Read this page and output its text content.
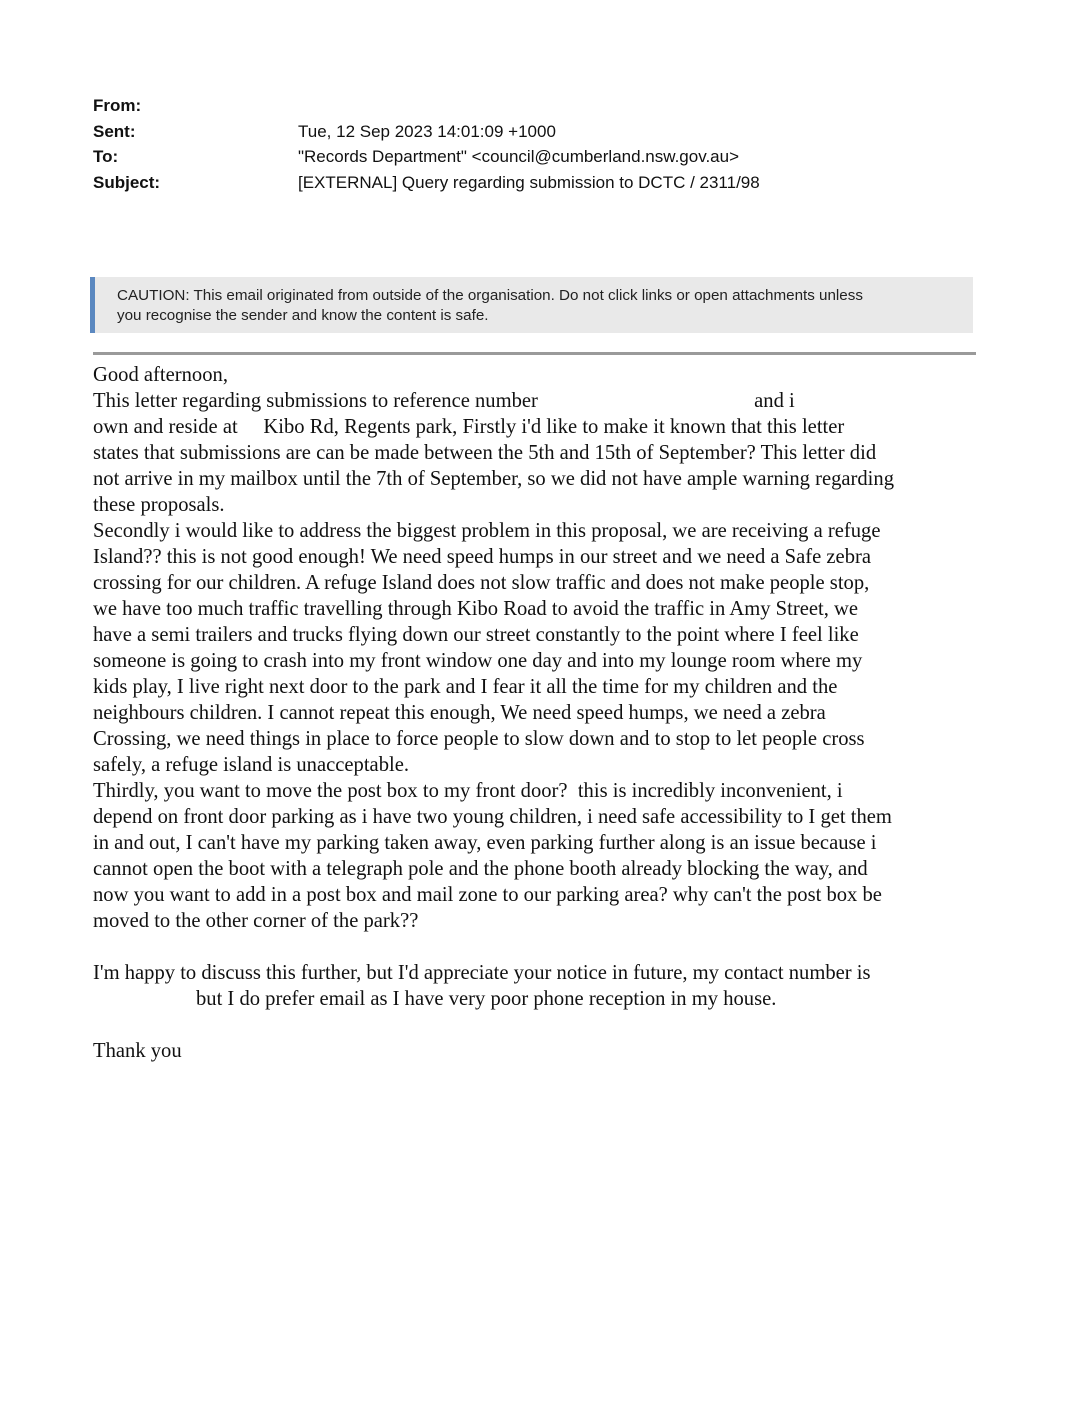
From:
Sent:	Tue, 12 Sep 2023 14:01:09 +1000
To:	"Records Department" <council@cumberland.nsw.gov.au>
Subject:	[EXTERNAL] Query regarding submission to DCTC / 2311/98
CAUTION: This email originated from outside of the organisation. Do not click links or open attachments unless
you recognise the sender and know the content is safe.
Good afternoon,
This letter regarding submissions to reference number                                          and i
own and reside at     Kibo Rd, Regents park, Firstly i'd like to make it known that this letter
states that submissions are can be made between the 5th and 15th of September? This letter did
not arrive in my mailbox until the 7th of September, so we did not have ample warning regarding
these proposals.
Secondly i would like to address the biggest problem in this proposal, we are receiving a refuge
Island?? this is not good enough! We need speed humps in our street and we need a Safe zebra
crossing for our children. A refuge Island does not slow traffic and does not make people stop,
we have too much traffic travelling through Kibo Road to avoid the traffic in Amy Street, we
have a semi trailers and trucks flying down our street constantly to the point where I feel like
someone is going to crash into my front window one day and into my lounge room where my
kids play, I live right next door to the park and I fear it all the time for my children and the
neighbours children. I cannot repeat this enough, We need speed humps, we need a zebra
Crossing, we need things in place to force people to slow down and to stop to let people cross
safely, a refuge island is unacceptable.
Thirdly, you want to move the post box to my front door?  this is incredibly inconvenient, i
depend on front door parking as i have two young children, i need safe accessibility to I get them
in and out, I can't have my parking taken away, even parking further along is an issue because i
cannot open the boot with a telegraph pole and the phone booth already blocking the way, and
now you want to add in a post box and mail zone to our parking area? why can't the post box be
moved to the other corner of the park??
I'm happy to discuss this further, but I'd appreciate your notice in future, my contact number is
but I do prefer email as I have very poor phone reception in my house.
Thank you
